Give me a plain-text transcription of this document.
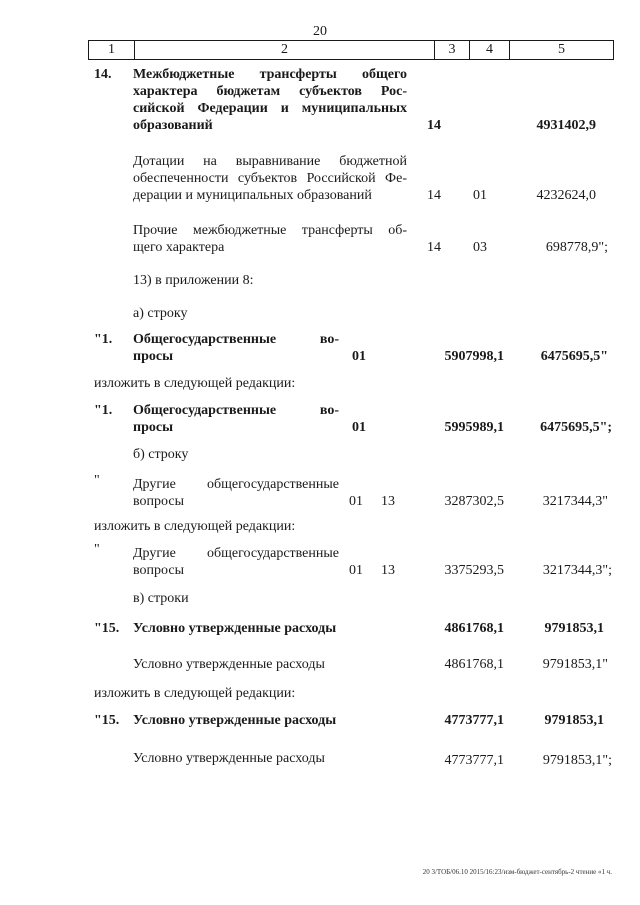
20
1	2	3	4	5
14. Межбюджетные трансферты общего
характера бюджетам субъектов Рос-
сийской Федерации и муниципальных
образований	14	4931402,9
Дотации на выравнивание бюджетной
обеспеченности субъектов Российской Фе-
дерации и муниципальных образований	14 01	4232624,0
Прочие межбюджетные трансферты об-
щего характера	14 03	698778,9";
13) в приложении 8:
а) строку
"1. Общегосударственные во-
просы	01	5907998,1	6475695,5"
изложить в следующей редакции:
"1. Общегосударственные во-
просы	01	5995989,1	6475695,5";
б) строку
" Другие общегосударственные
вопросы	01 13	3287302,5	3217344,3"
изложить в следующей редакции:
" Другие общегосударственные
вопросы	01 13	3375293,5	3217344,3";
в) строки
"15. Условно утвержденные расходы	4861768,1	9791853,1
Условно утвержденные расходы	4861768,1	9791853,1"
изложить в следующей редакции:
"15. Условно утвержденные расходы	4773777,1	9791853,1
Условно утвержденные расходы	4773777,1	9791853,1";
20 3/ТОБ/06.10 2015/16:23/изм-бюджет-сентябрь-2 чтение «1 ч.
